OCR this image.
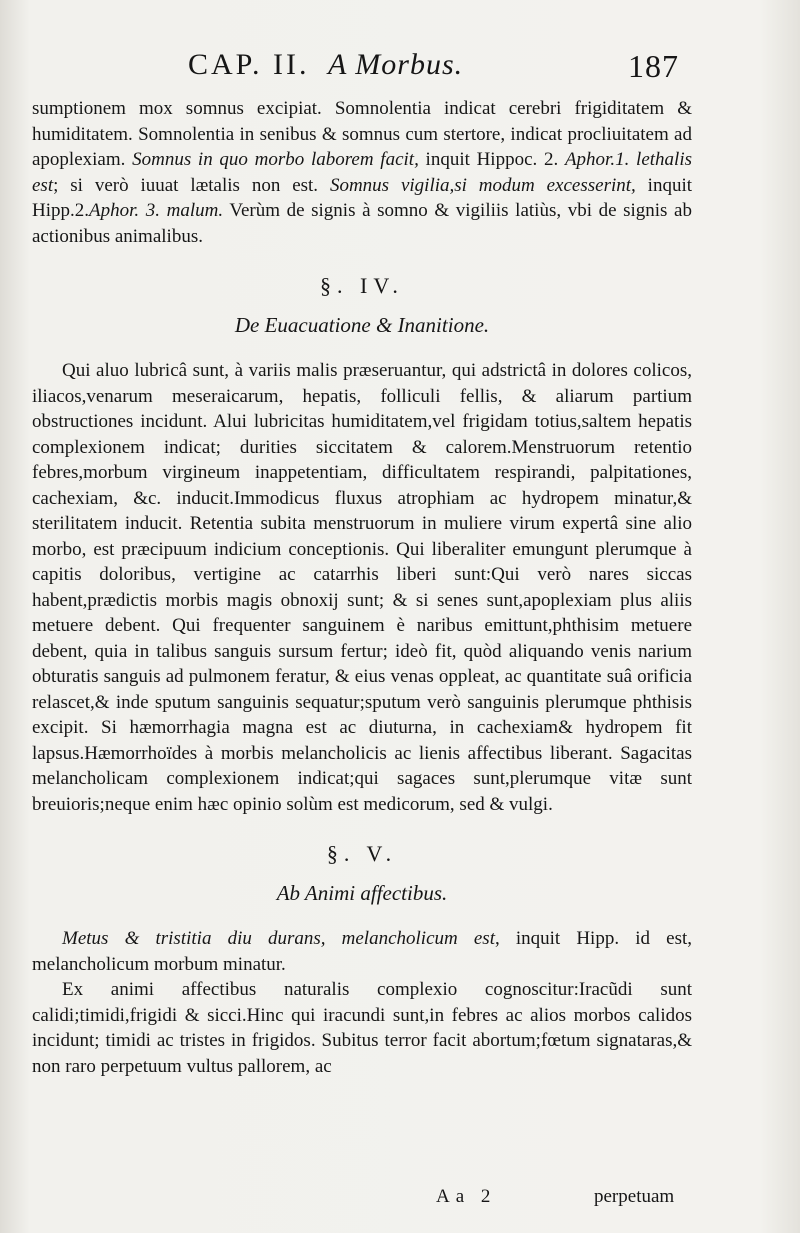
CAP. II. A Morbus.	187

sumptionem mox somnus excipiat. Somnolentia indicat cerebri frigiditatem & humiditatem. Somnolentia in senibus & somnus cum stertore, indicat procliuitatem ad apoplexiam. Somnus in quo morbo laborem facit, inquit Hippoc. 2. Aphor.1. lethalis est; si verò iuuat lætalis non est. Somnus vigilia,si modum excesserint, inquit Hipp.2.Aphor. 3. malum. Verùm de signis à somno & vigiliis latiùs, vbi de signis ab actionibus animalibus.

§. IV.
De Euacuatione & Inanitione.

Qui aluo lubricâ sunt, à variis malis præseruantur, qui adstrictâ in dolores colicos, iliacos,venarum meseraicarum, hepatis, folliculi fellis, & aliarum partium obstructiones incidunt. Alui lubricitas humiditatem,vel frigidam totius,saltem hepatis complexionem indicat; durities siccitatem & calorem.Menstruorum retentio febres,morbum virgineum inappetentiam, difficultatem respirandi, palpitationes, cachexiam, &c. inducit.Immodicus fluxus atrophiam ac hydropem minatur,& sterilitatem inducit. Retentia subita menstruorum in muliere virum expertâ sine alio morbo, est præcipuum indicium conceptionis. Qui liberaliter emungunt plerumque à capitis doloribus, vertigine ac catarrhis liberi sunt:Qui verò nares siccas habent,prædictis morbis magis obnoxij sunt; & si senes sunt,apoplexiam plus aliis metuere debent. Qui frequenter sanguinem è naribus emittunt,phthisim metuere debent, quia in talibus sanguis sursum fertur; ideò fit, quòd aliquando venis narium obturatis sanguis ad pulmonem feratur, & eius venas oppleat, ac quantitate suâ orificia relascet,& inde sputum sanguinis sequatur;sputum verò sanguinis plerumque phthisis excipit. Si hæmorrhagia magna est ac diuturna, in cachexiam& hydropem fit lapsus.Hæmorrhoïdes à morbis melancholicis ac lienis affectibus liberant. Sagacitas melancholicam complexionem indicat;qui sagaces sunt,plerumque vitæ sunt breuioris;neque enim hæc opinio solùm est medicorum, sed & vulgi.

§. V.
Ab Animi affectibus.

Metus & tristitia diu durans, melancholicum est, inquit Hipp. id est, melancholicum morbum minatur.

Ex animi affectibus naturalis complexio cognoscitur:Iracũdi sunt calidi;timidi,frigidi & sicci.Hinc qui iracundi sunt,in febres ac alios morbos calidos incidunt; timidi ac tristes in frigidos. Subitus terror facit abortum;fœtum signataras,& non raro perpetuum vultus pallorem, ac

Aa 2	perpetuam
